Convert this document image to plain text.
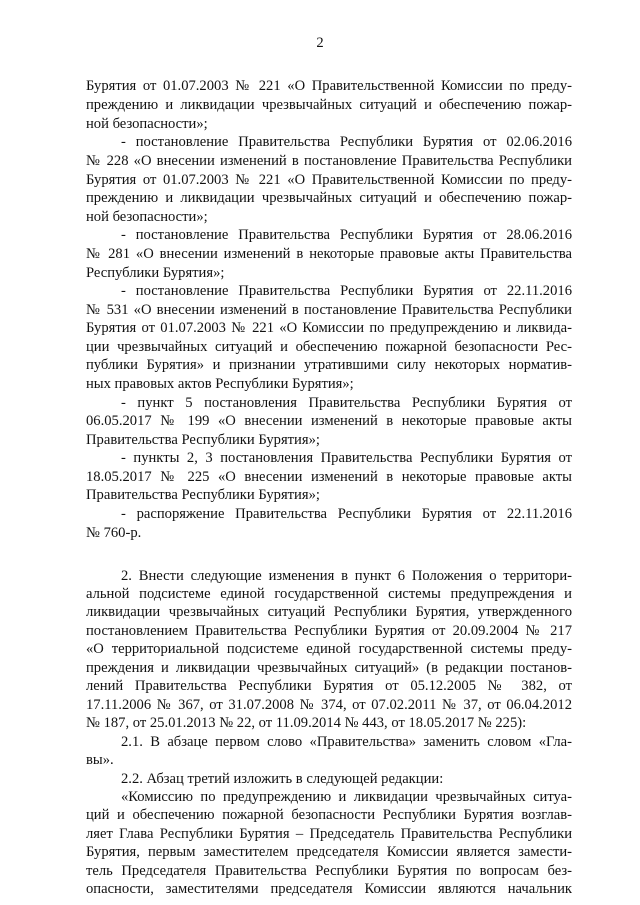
2
Бурятия от 01.07.2003 № 221 «О Правительственной Комиссии по преду-
преждению и ликвидации чрезвычайных ситуаций и обеспечению пожар-
ной безопасности»;
- постановление Правительства Республики Бурятия от 02.06.2016
№ 228 «О внесении изменений в постановление Правительства Республики
Бурятия от 01.07.2003 № 221 «О Правительственной Комиссии по преду-
преждению и ликвидации чрезвычайных ситуаций и обеспечению пожар-
ной безопасности»;
- постановление Правительства Республики Бурятия от 28.06.2016
№ 281 «О внесении изменений в некоторые правовые акты Правительства
Республики Бурятия»;
- постановление Правительства Республики Бурятия от 22.11.2016
№ 531 «О внесении изменений в постановление Правительства Республики
Бурятия от 01.07.2003 № 221 «О Комиссии по предупреждению и ликвида-
ции чрезвычайных ситуаций и обеспечению пожарной безопасности Рес-
публики Бурятия» и признании утратившими силу некоторых норматив-
ных правовых актов Республики Бурятия»;
- пункт 5 постановления Правительства Республики Бурятия от
06.05.2017 № 199 «О внесении изменений в некоторые правовые акты
Правительства Республики Бурятия»;
- пункты 2, 3 постановления Правительства Республики Бурятия от
18.05.2017 № 225 «О внесении изменений в некоторые правовые акты
Правительства Республики Бурятия»;
- распоряжение Правительства Республики Бурятия от 22.11.2016
№ 760-р.
2. Внести следующие изменения в пункт 6 Положения о территори-
альной подсистеме единой государственной системы предупреждения и
ликвидации чрезвычайных ситуаций Республики Бурятия, утвержденного
постановлением Правительства Республики Бурятия от 20.09.2004 № 217
«О территориальной подсистеме единой государственной системы преду-
преждения и ликвидации чрезвычайных ситуаций» (в редакции постанов-
лений Правительства Республики Бурятия от 05.12.2005 № 382, от
17.11.2006 № 367, от 31.07.2008 № 374, от 07.02.2011 № 37, от 06.04.2012
№ 187, от 25.01.2013 № 22, от 11.09.2014 № 443, от 18.05.2017 № 225):
2.1. В абзаце первом слово «Правительства» заменить словом «Гла-
вы».
2.2. Абзац третий изложить в следующей редакции:
«Комиссию по предупреждению и ликвидации чрезвычайных ситуа-
ций и обеспечению пожарной безопасности Республики Бурятия возглав-
ляет Глава Республики Бурятия – Председатель Правительства Республики
Бурятия, первым заместителем председателя Комиссии является замести-
тель Председателя Правительства Республики Бурятия по вопросам без-
опасности, заместителями председателя Комиссии являются начальник
